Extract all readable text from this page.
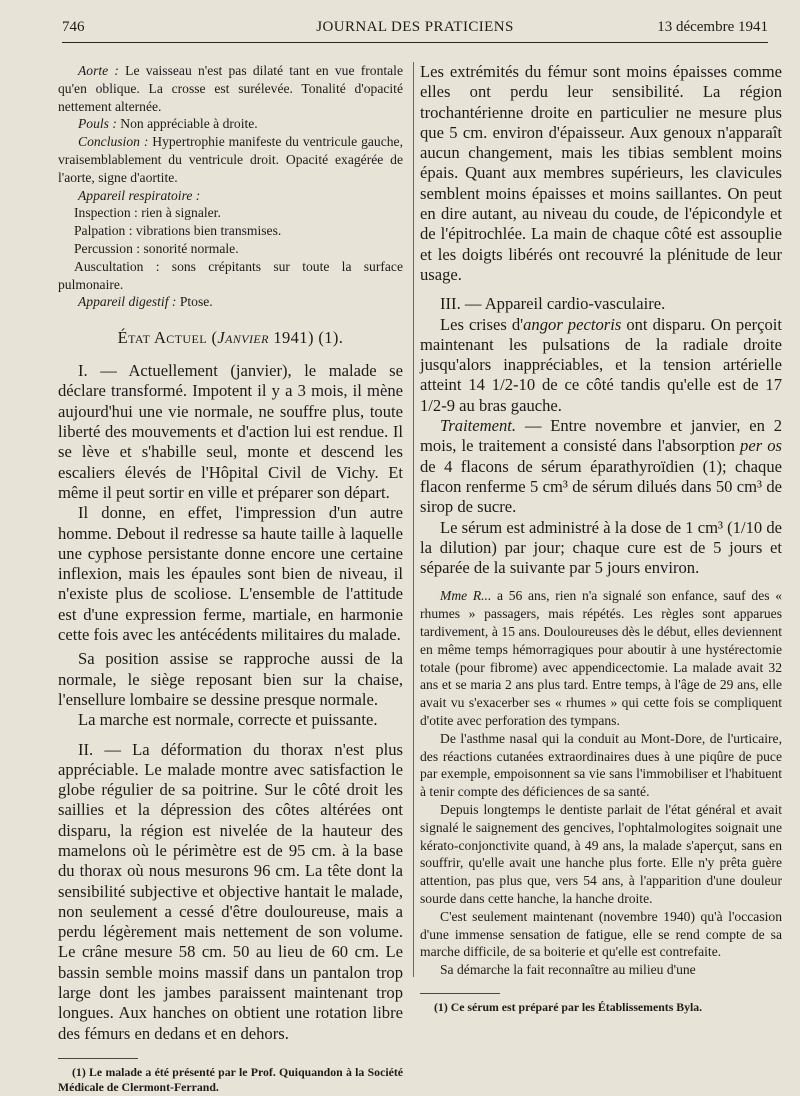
746	JOURNAL DES PRATICIENS	13 décembre 1941

Aorte : Le vaisseau n'est pas dilaté tant en vue frontale qu'en oblique. La crosse est surélevée. Tonalité d'opacité nettement alternée.

Pouls : Non appréciable à droite.

Conclusion : Hypertrophie manifeste du ventricule gauche, vraisemblablement du ventricule droit. Opacité exagérée de l'aorte, signe d'aortite.

Appareil respiratoire :

Inspection : rien à signaler.

Palpation : vibrations bien transmises.

Percussion : sonorité normale.

Auscultation : sons crépitants sur toute la surface pulmonaire.

Appareil digestif : Ptose.

État Actuel (Janvier 1941) (1).

I. — Actuellement (janvier), le malade se déclare transformé. Impotent il y a 3 mois, il mène aujourd'hui une vie normale, ne souffre plus, toute liberté des mouvements et d'action lui est rendue. Il se lève et s'habille seul, monte et descend les escaliers élevés de l'Hôpital Civil de Vichy. Et même il peut sortir en ville et préparer son départ.

Il donne, en effet, l'impression d'un autre homme. Debout il redresse sa haute taille à laquelle une cyphose persistante donne encore une certaine inflexion, mais les épaules sont bien de niveau, il n'existe plus de scoliose. L'ensemble de l'attitude est d'une expression ferme, martiale, en harmonie cette fois avec les antécédents militaires du malade.

Sa position assise se rapproche aussi de la normale, le siège reposant bien sur la chaise, l'ensellure lombaire se dessine presque normale.

La marche est normale, correcte et puissante.

II. — La déformation du thorax n'est plus appréciable. Le malade montre avec satisfaction le globe régulier de sa poitrine. Sur le côté droit les saillies et la dépression des côtes altérées ont disparu, la région est nivelée de la hauteur des mamelons où le périmètre est de 95 cm. à la base du thorax où nous mesurons 96 cm. La tête dont la sensibilité subjective et objective hantait le malade, non seulement a cessé d'être douloureuse, mais a perdu légèrement mais nettement de son volume. Le crâne mesure 58 cm. 50 au lieu de 60 cm. Le bassin semble moins massif dans un pantalon trop large dont les jambes paraissent maintenant trop longues. Aux hanches on obtient une rotation libre des fémurs en dedans et en dehors.

(1) Le malade a été présenté par le Prof. Quiquandon à la Société Médicale de Clermont-Ferrand.

Les extrémités du fémur sont moins épaisses comme elles ont perdu leur sensibilité. La région trochantérienne droite en particulier ne mesure plus que 5 cm. environ d'épaisseur. Aux genoux n'apparaît aucun changement, mais les tibias semblent moins épais. Quant aux membres supérieurs, les clavicules semblent moins épaisses et moins saillantes. On peut en dire autant, au niveau du coude, de l'épicondyle et de l'épitrochlée. La main de chaque côté est assouplie et les doigts libérés ont recouvré la plénitude de leur usage.

III. — Appareil cardio-vasculaire.

Les crises d'angor pectoris ont disparu. On perçoit maintenant les pulsations de la radiale droite jusqu'alors inappréciables, et la tension artérielle atteint 14 1/2-10 de ce côté tandis qu'elle est de 17 1/2-9 au bras gauche.

Traitement. — Entre novembre et janvier, en 2 mois, le traitement a consisté dans l'absorption per os de 4 flacons de sérum éparathyroïdien (1); chaque flacon renferme 5 cm³ de sérum dilués dans 50 cm³ de sirop de sucre.

Le sérum est administré à la dose de 1 cm³ (1/10 de la dilution) par jour; chaque cure est de 5 jours et séparée de la suivante par 5 jours environ.

Mme R... a 56 ans, rien n'a signalé son enfance, sauf des « rhumes » passagers, mais répétés. Les règles sont apparues tardivement, à 15 ans. Douloureuses dès le début, elles deviennent en même temps hémorragiques pour aboutir à une hystérectomie totale (pour fibrome) avec appendicectomie. La malade avait 32 ans et se maria 2 ans plus tard. Entre temps, à l'âge de 29 ans, elle avait vu s'exacerber ses « rhumes » qui cette fois se compliquent d'otite avec perforation des tympans.

De l'asthme nasal qui la conduit au Mont-Dore, de l'urticaire, des réactions cutanées extraordinaires dues à une piqûre de puce par exemple, empoisonnent sa vie sans l'immobiliser et l'habituent à tenir compte des déficiences de sa santé.

Depuis longtemps le dentiste parlait de l'état général et avait signalé le saignement des gencives, l'ophtalmologites soignait une kérato-conjonctivite quand, à 49 ans, la malade s'aperçut, sans en souffrir, qu'elle avait une hanche plus forte. Elle n'y prêta guère attention, pas plus que, vers 54 ans, à l'apparition d'une douleur sourde dans cette hanche, la hanche droite.

C'est seulement maintenant (novembre 1940) qu'à l'occasion d'une immense sensation de fatigue, elle se rend compte de sa marche difficile, de sa boiterie et qu'elle est contrefaite.

Sa démarche la fait reconnaître au milieu d'une

(1) Ce sérum est préparé par les Établissements Byla.
